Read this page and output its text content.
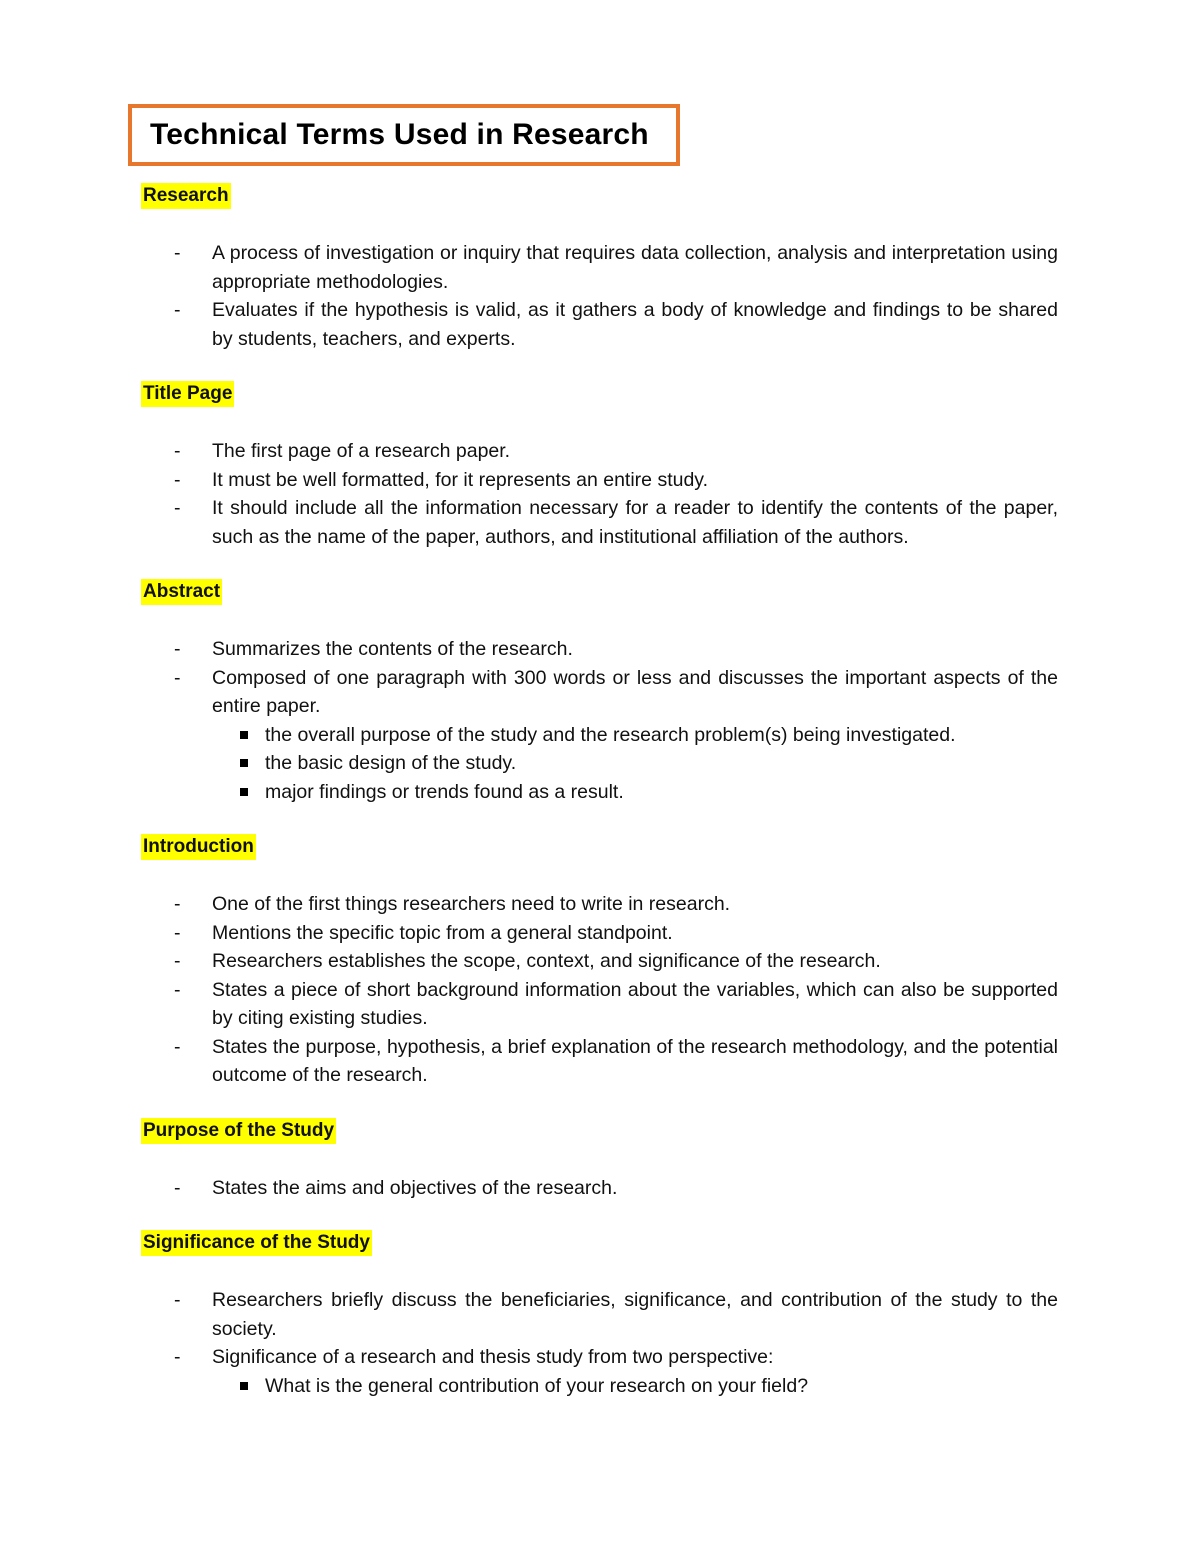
Technical Terms Used in Research
Research
- A process of investigation or inquiry that requires data collection, analysis and interpretation using appropriate methodologies.
- Evaluates if the hypothesis is valid, as it gathers a body of knowledge and findings to be shared by students, teachers, and experts.
Title Page
- The first page of a research paper.
- It must be well formatted, for it represents an entire study.
- It should include all the information necessary for a reader to identify the contents of the paper, such as the name of the paper, authors, and institutional affiliation of the authors.
Abstract
- Summarizes the contents of the research.
- Composed of one paragraph with 300 words or less and discusses the important aspects of the entire paper.
the overall purpose of the study and the research problem(s) being investigated.
the basic design of the study.
major findings or trends found as a result.
Introduction
- One of the first things researchers need to write in research.
- Mentions the specific topic from a general standpoint.
- Researchers establishes the scope, context, and significance of the research.
- States a piece of short background information about the variables, which can also be supported by citing existing studies.
- States the purpose, hypothesis, a brief explanation of the research methodology, and the potential outcome of the research.
Purpose of the Study
- States the aims and objectives of the research.
Significance of the Study
- Researchers briefly discuss the beneficiaries, significance, and contribution of the study to the society.
- Significance of a research and thesis study from two perspective:
What is the general contribution of your research on your field?
